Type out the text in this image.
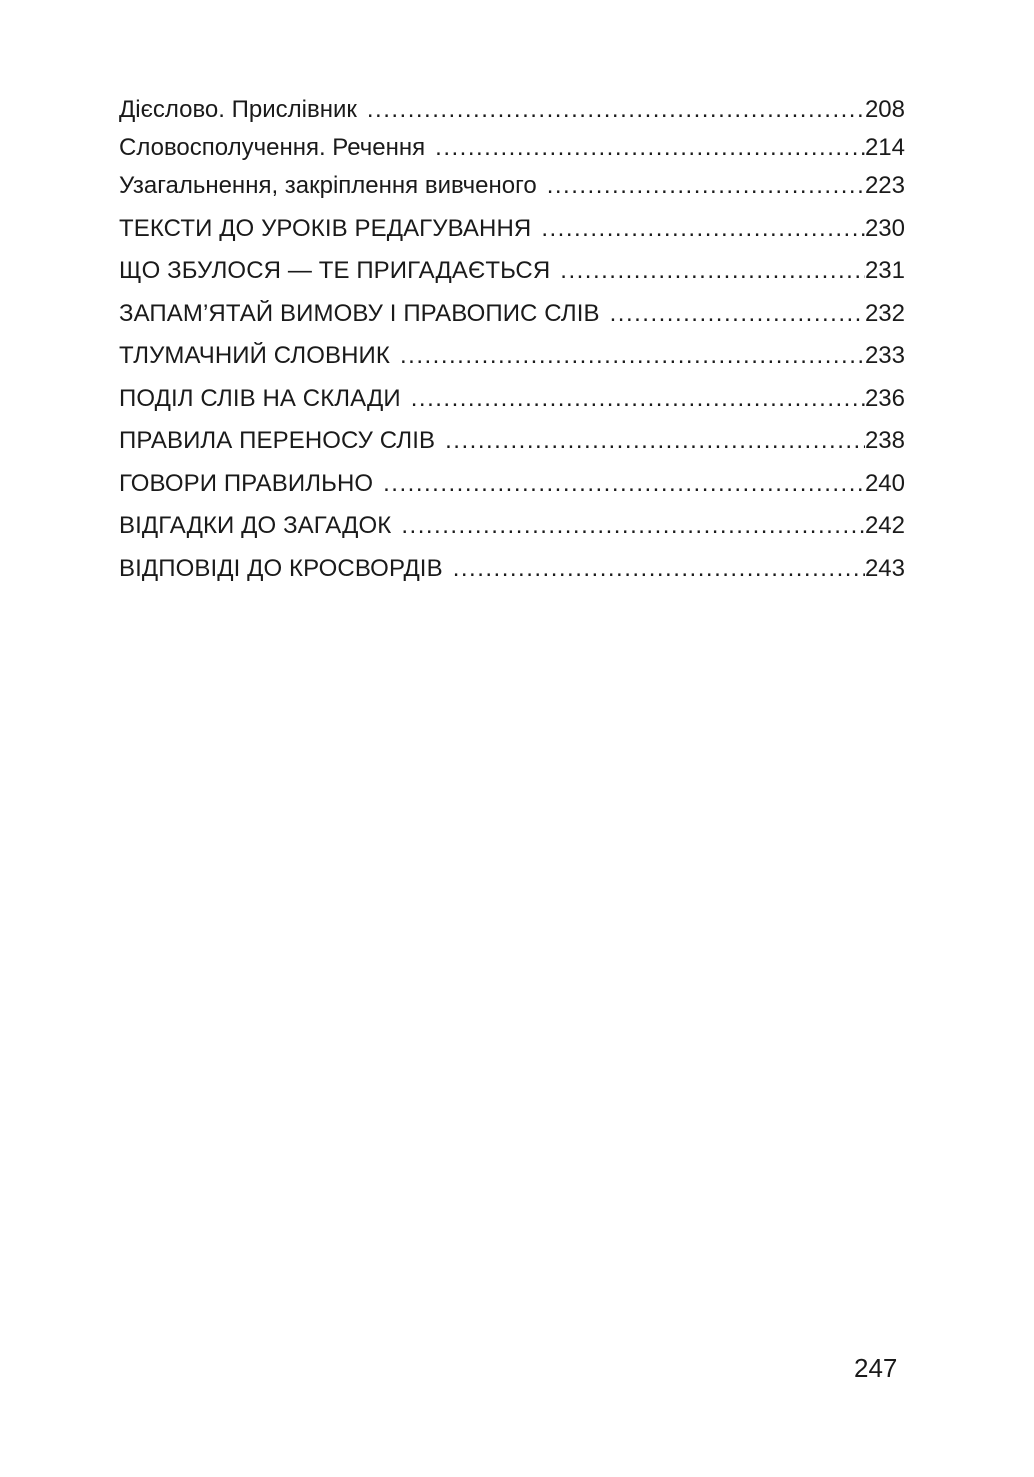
Дієслово. Прислівник .....	208
Словосполучення. Речення .....	214
Узагальнення, закріплення вивченого .....	223
ТЕКСТИ ДО УРОКІВ РЕДАГУВАННЯ .....	230
ЩО ЗБУЛОСЯ — ТЕ ПРИГАДАЄТЬСЯ .....	231
ЗАПАМ’ЯТАЙ ВИМОВУ І ПРАВОПИС СЛІВ .....	232
ТЛУМАЧНИЙ СЛОВНИК .....	233
ПОДІЛ СЛІВ НА СКЛАДИ .....	236
ПРАВИЛА ПЕРЕНОСУ СЛІВ .....	238
ГОВОРИ ПРАВИЛЬНО .....	240
ВІДГАДКИ ДО ЗАГАДОК .....	242
ВІДПОВІДІ ДО КРОСВОРДІВ .....	243
247
